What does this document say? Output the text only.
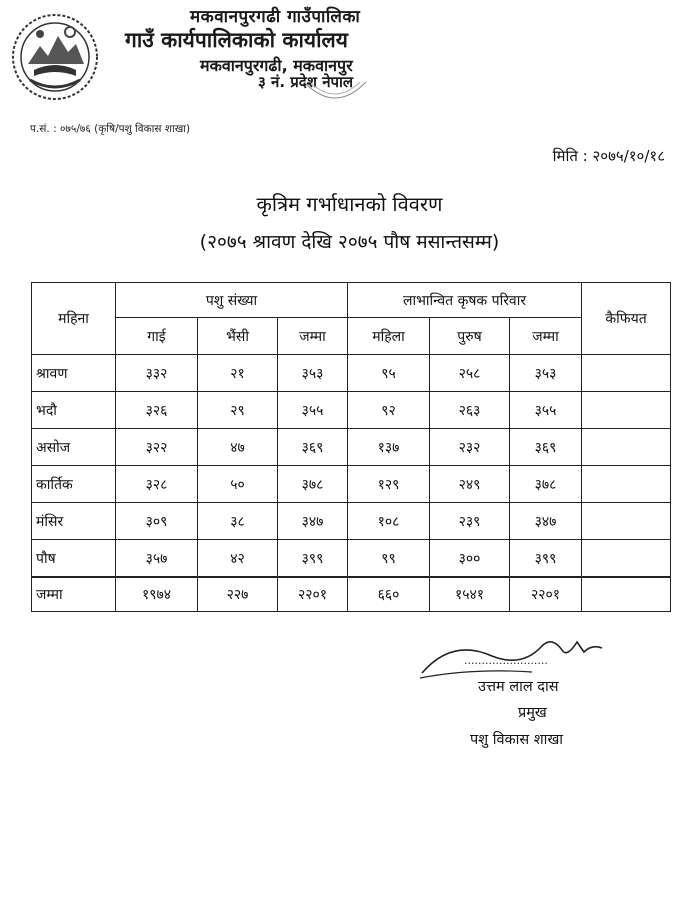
मकवानपुरगढी गाउँपालिका
गाउँ कार्यपालिकाको कार्यालय
मकवानपुरगढी, मकवानपुर
३ नं. प्रदेश नेपाल
प.सं. : ०७५/७६ (कृषि/पशु विकास शाखा)
मिति : २०७५/१०/१८
कृत्रिम गर्भाधानको विवरण
(२०७५ श्रावण देखि २०७५ पौष मसान्तसम्म)
महिना	पशु संख्या			लाभान्वित कृषक परिवार			कैफियत
	गाई	भैंसी	जम्मा	महिला	पुरुष	जम्मा	
श्रावण	३३२	२१	३५३	९५	२५८	३५३	
भदौ	३२६	२९	३५५	९२	२६३	३५५	
असोज	३२२	४७	३६९	१३७	२३२	३६९	
कार्तिक	३२८	५०	३७८	१२९	२४९	३७८	
मंसिर	३०९	३८	३४७	१०८	२३९	३४७	
पौष	३५७	४२	३९९	९९	३००	३९९	
जम्मा	१९७४	२२७	२२०१	६६०	१५४१	२२०१	
........................
उत्तम लाल दास
प्रमुख
पशु विकास शाखा
